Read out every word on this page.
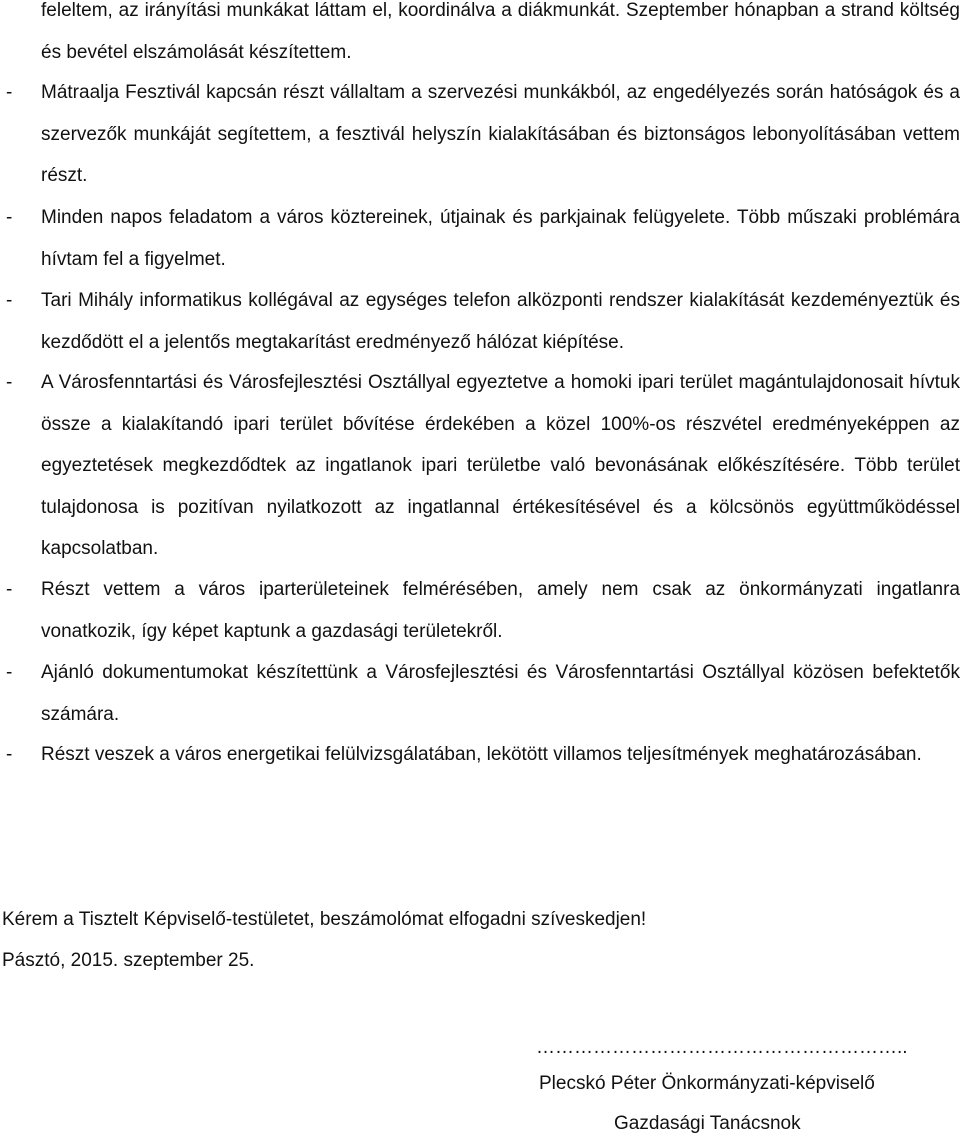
feleltem, az irányítási munkákat láttam el, koordinálva a diákmunkát. Szeptember hónapban a strand költség és bevétel elszámolását készítettem.

- Mátraalja Fesztivál kapcsán részt vállaltam a szervezési munkákból, az engedélyezés során hatóságok és a szervezők munkáját segítettem, a fesztivál helyszín kialakításában és biztonságos lebonyolításában vettem részt.

- Minden napos feladatom a város köztereinek, útjainak és parkjainak felügyelete. Több műszaki problémára hívtam fel a figyelmet.

- Tari Mihály informatikus kollégával az egységes telefon alközponti rendszer kialakítását kezdeményeztük és kezdődött el a jelentős megtakarítást eredményező hálózat kiépítése.

- A Városfenntartási és Városfejlesztési Osztállyal egyeztetve a homoki ipari terület magántulajdonosait hívtuk össze a kialakítandó ipari terület bővítése érdekében a közel 100%-os részvétel eredményeképpen az egyeztetések megkezdődtek az ingatlanok ipari területbe való bevonásának előkészítésére. Több terület tulajdonosa is pozitívan nyilatkozott az ingatlannal értékesítésével és a kölcsönös együttműködéssel kapcsolatban.

- Részt vettem a város iparterületeinek felmérésében, amely nem csak az önkormányzati ingatlanra vonatkozik, így képet kaptunk a gazdasági területekről.

- Ajánló dokumentumokat készítettünk a Városfejlesztési és Városfenntartási Osztállyal közösen befektetők számára.

- Részt veszek a város energetikai felülvizsgálatában, lekötött villamos teljesítmények meghatározásában.

Kérem a Tisztelt Képviselő-testületet, beszámolómat elfogadni szíveskedjen!
Pásztó, 2015. szeptember 25.
…………………………………………………..
Plecskó Péter Önkormányzati-képviselő
Gazdasági Tanácsnok
